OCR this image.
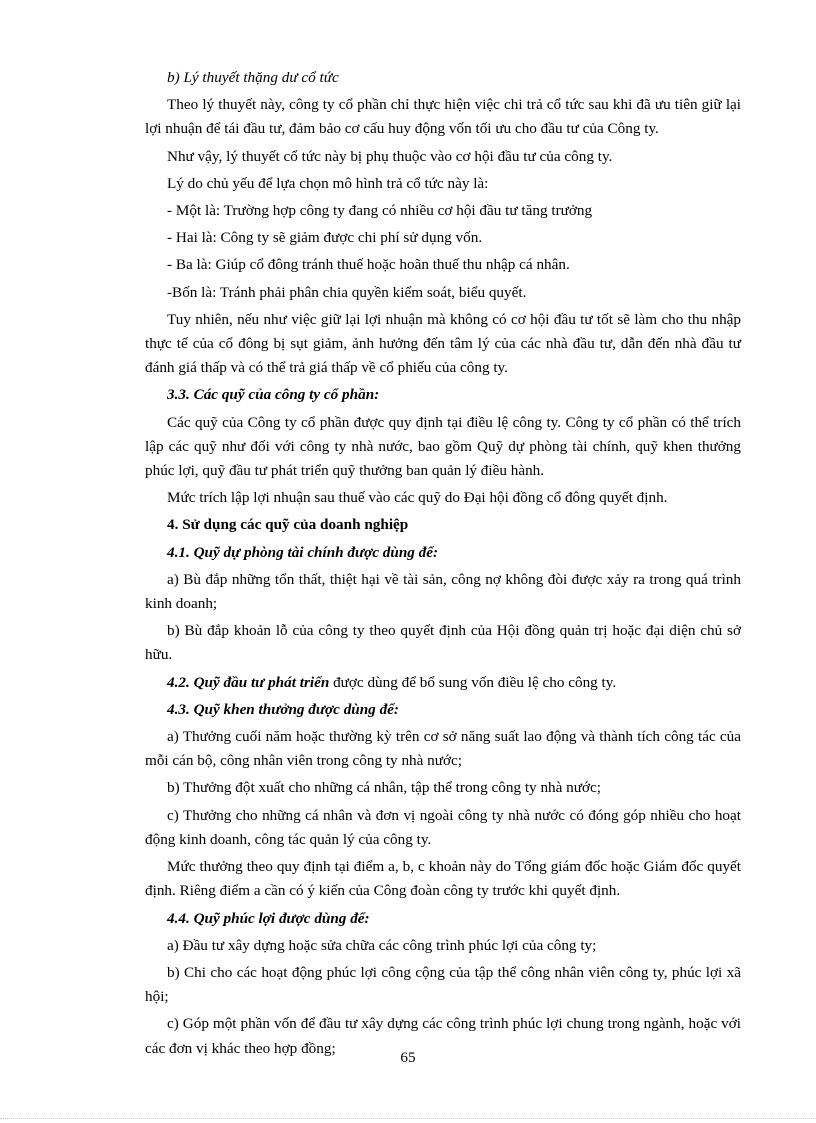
b) Lý thuyết thặng dư cổ tức

Theo lý thuyết này, công ty cổ phần chỉ thực hiện việc chi trả cổ tức sau khi đã ưu tiên giữ lại lợi nhuận để tái đầu tư, đảm bảo cơ cấu huy động vốn tối ưu cho đầu tư của Công ty.

Như vậy, lý thuyết cổ tức này bị phụ thuộc vào cơ hội đầu tư của công ty.

Lý do chủ yếu để lựa chọn mô hình trả cổ tức này là:

- Một là: Trường hợp công ty đang có nhiều cơ hội đầu tư tăng trưởng

- Hai là: Công ty sẽ giảm được chi phí sử dụng vốn.

- Ba là: Giúp cổ đông tránh thuế hoặc hoãn thuế thu nhập cá nhân.

-Bốn là: Tránh phải phân chia quyền kiểm soát, biểu quyết.

Tuy nhiên, nếu như việc giữ lại lợi nhuận mà không có cơ hội đầu tư tốt sẽ làm cho thu nhập thực tế của cổ đông bị sụt giảm, ảnh hưởng đến tâm lý của các nhà đầu tư, dẫn đến nhà đầu tư đánh giá thấp và có thể trả giá thấp về cổ phiếu của công ty.

3.3. Các quỹ của công ty cổ phần:

Các quỹ của Công ty cổ phần được quy định tại điều lệ công ty. Công ty cổ phần có thể trích lập các quỹ như đối với công ty nhà nước, bao gồm Quỹ dự phòng tài chính, quỹ khen thưởng phúc lợi, quỹ đầu tư phát triển quỹ thưởng ban quản lý điều hành.

Mức trích lập lợi nhuận sau thuế vào các quỹ do Đại hội đồng cổ đông quyết định.

4. Sử dụng các quỹ của doanh nghiệp

4.1. Quỹ dự phòng tài chính được dùng để:

a) Bù đắp những tổn thất, thiệt hại về tài sản, công nợ không đòi được xảy ra trong quá trình kinh doanh;

b) Bù đắp khoản lỗ của công ty theo quyết định của Hội đồng quản trị hoặc đại diện chủ sở hữu.

4.2. Quỹ đầu tư phát triển được dùng để bổ sung vốn điều lệ cho công ty.

4.3. Quỹ khen thưởng được dùng để:

a) Thưởng cuối năm hoặc thường kỳ trên cơ sở năng suất lao động và thành tích công tác của mỗi cán bộ, công nhân viên trong công ty nhà nước;

b) Thưởng đột xuất cho những cá nhân, tập thể trong công ty nhà nước;

c) Thưởng cho những cá nhân và đơn vị ngoài công ty nhà nước có đóng góp nhiều cho hoạt động kinh doanh, công tác quản lý của công ty.

Mức thưởng theo quy định tại điểm a, b, c khoản này do Tổng giám đốc hoặc Giám đốc quyết định. Riêng điểm a cần có ý kiến của Công đoàn công ty trước khi quyết định.

4.4. Quỹ phúc lợi được dùng để:

a) Đầu tư xây dựng hoặc sửa chữa các công trình phúc lợi của công ty;

b) Chi cho các hoạt động phúc lợi công cộng của tập thể công nhân viên công ty, phúc lợi xã hội;

c) Góp một phần vốn để đầu tư xây dựng các công trình phúc lợi chung trong ngành, hoặc với các đơn vị khác theo hợp đồng;

65
